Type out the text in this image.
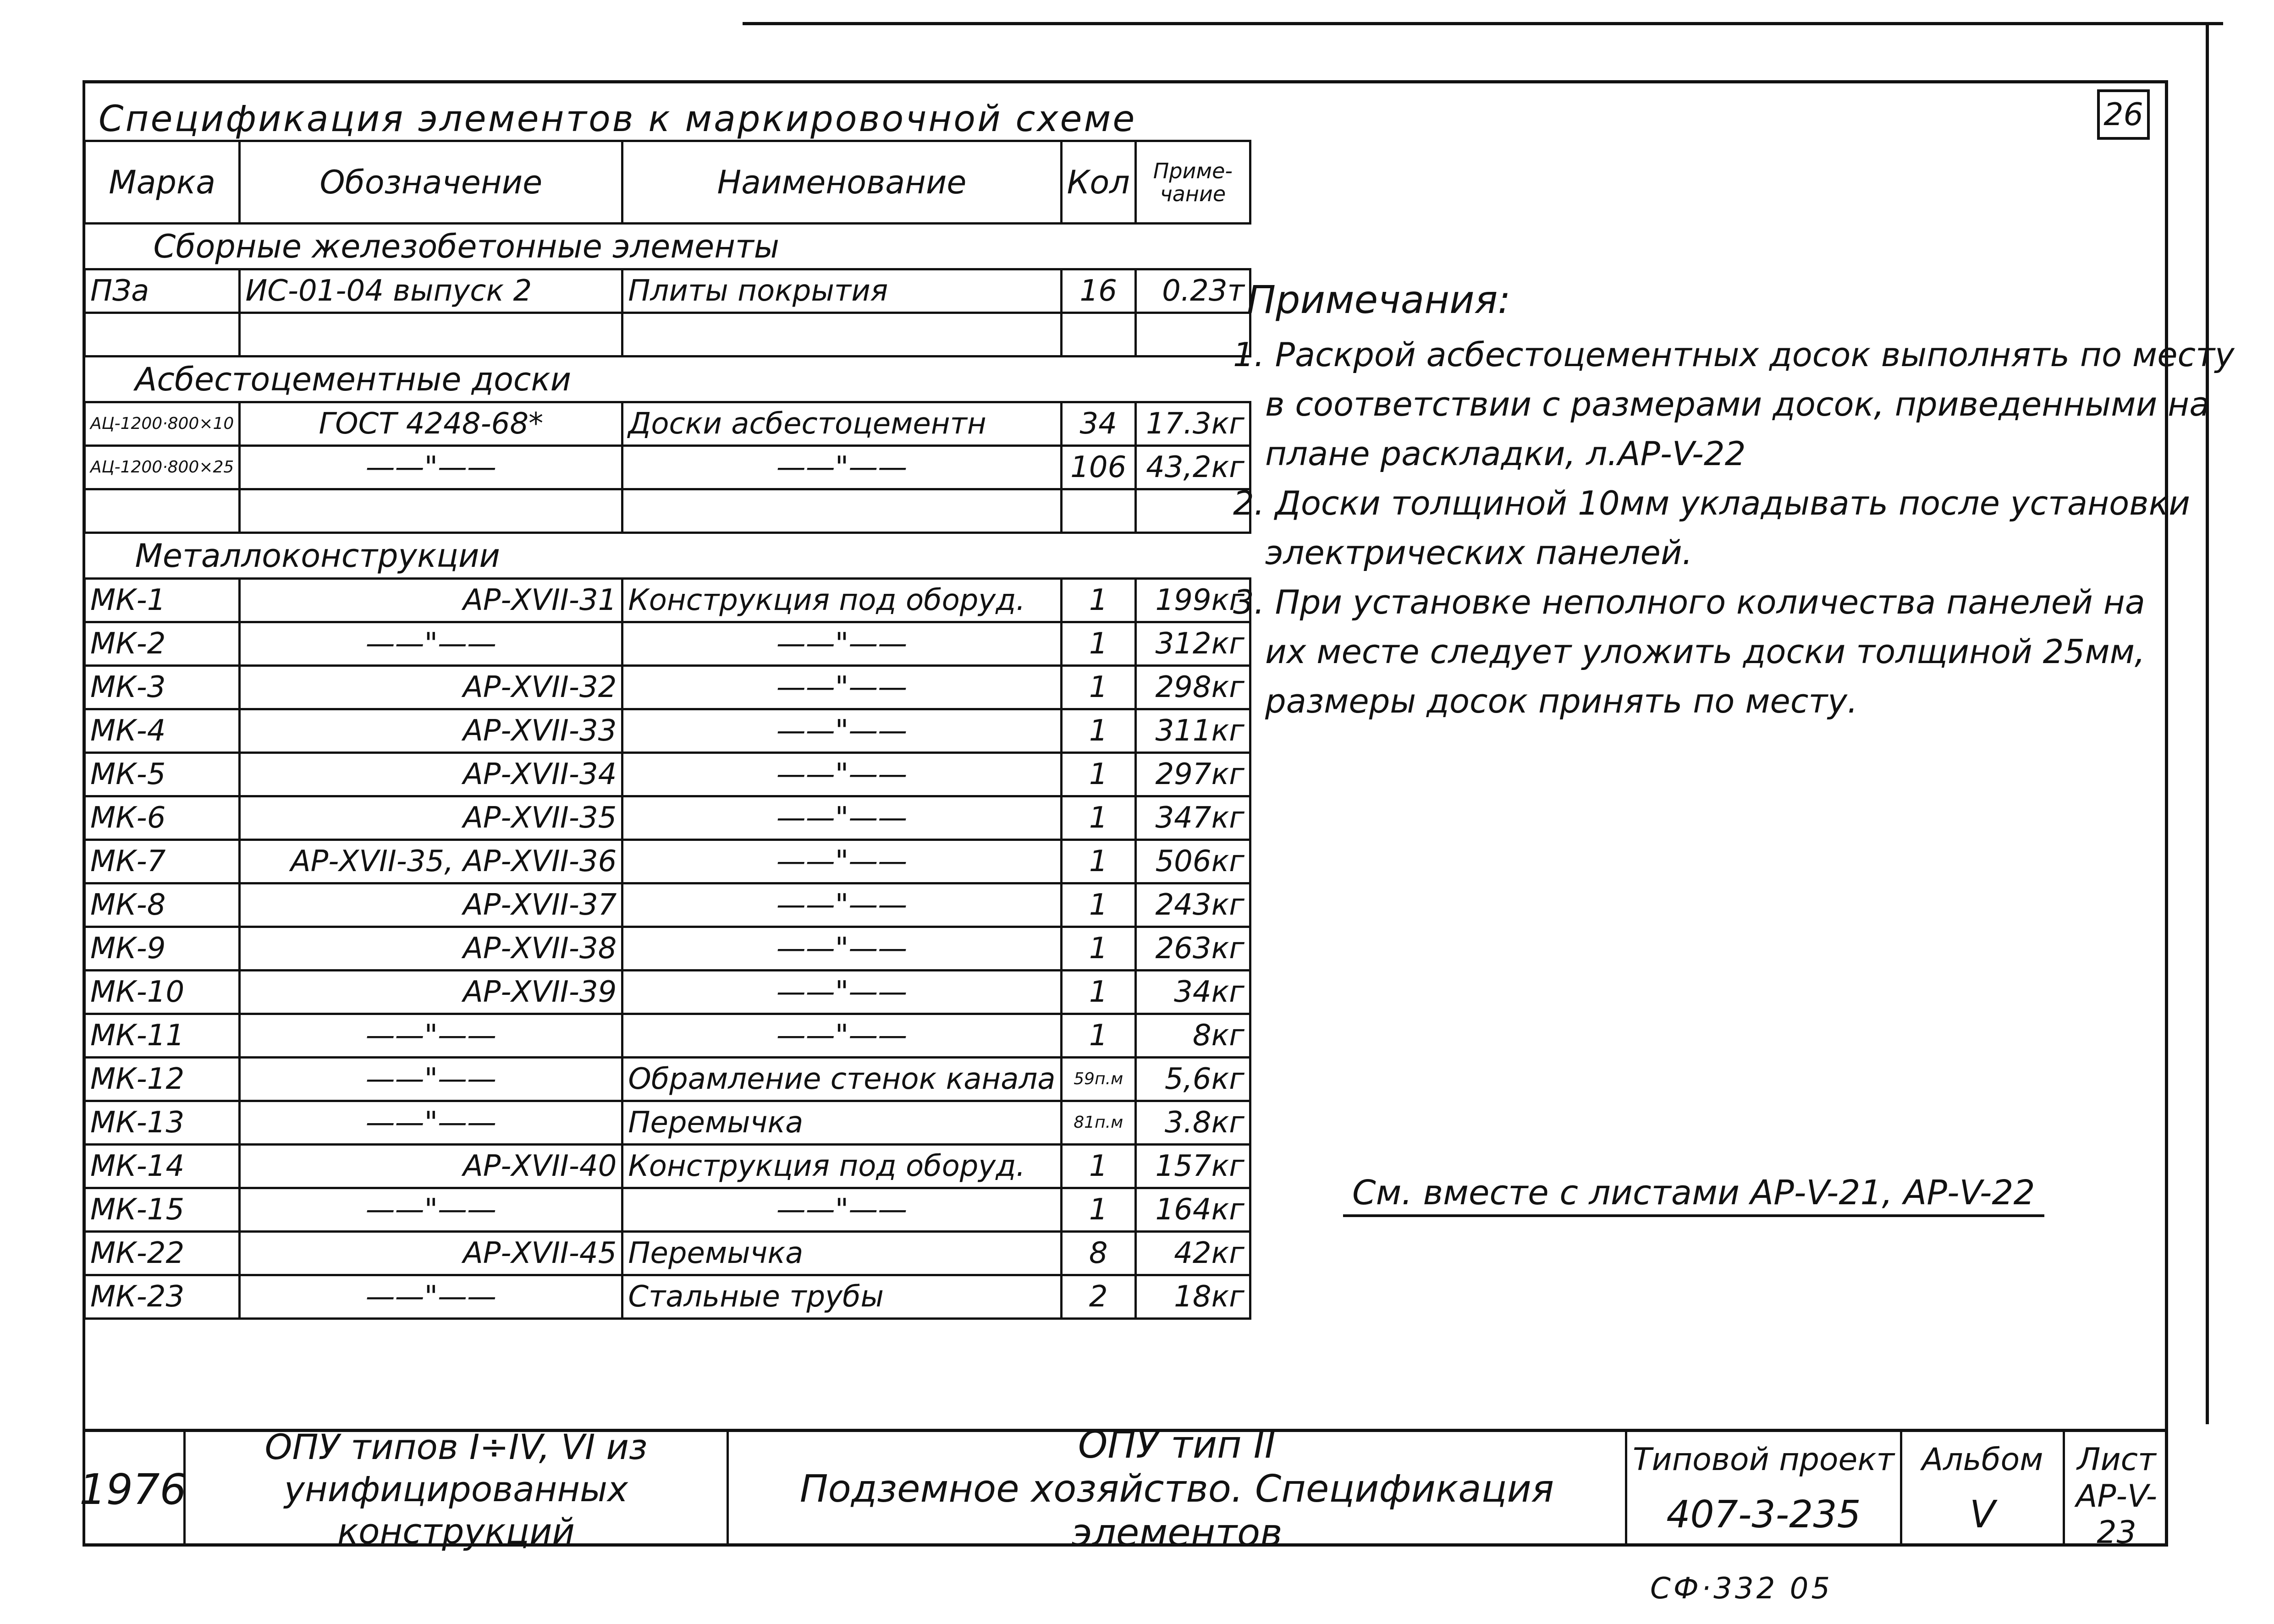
26
Спецификация элементов к маркировочной схеме
Марка	Обозначение	Наименование	Кол	Приме-чание
Сборные железобетонные элементы				
ПЗа	ИС-01-04 выпуск 2	Плиты покрытия	16	0.23т

Асбестоцементные доски				
АЦ-1200·800×10	ГОСТ 4248-68*	Доски асбестоцементн	34	17.3кг
АЦ-1200·800×25	——"——	——"——	106	43,2кг

Металлоконструкции				
МК-1	АР-XVII-31	Конструкция под оборуд.	1	199кг
МК-2	——"——	——"——	1	312кг
МК-3	АР-XVII-32	——"——	1	298кг
МК-4	АР-XVII-33	——"——	1	311кг
МК-5	АР-XVII-34	——"——	1	297кг
МК-6	АР-XVII-35	——"——	1	347кг
МК-7	АР-XVII-35, АР-XVII-36	——"——	1	506кг
МК-8	АР-XVII-37	——"——	1	243кг
МК-9	АР-XVII-38	——"——	1	263кг
МК-10	АР-XVII-39	——"——	1	34кг
МК-11	——"——	——"——	1	8кг
МК-12	——"——	Обрамление стенок канала	59п.м	5,6кг
МК-13	——"——	Перемычка	81п.м	3.8кг
МК-14	АР-XVII-40	Конструкция под оборуд.	1	157кг
МК-15	——"——	——"——	1	164кг
МК-22	АР-XVII-45	Перемычка	8	42кг
МК-23	——"——	Стальные трубы	2	18кг
Примечания:
1. Раскрой асбестоцементных досок выполнять по месту
в соответствии с размерами досок, приведенными на
плане раскладки, л.АР-V-22
2. Доски толщиной 10мм укладывать после установки
электрических панелей.
3. При установке неполного количества панелей на
их месте следует уложить доски толщиной 25мм,
размеры досок принять по месту.
См. вместе с листами АР-V-21, АР-V-22
1976
ОПУ типов I÷IV, VI из
унифицированных конструкций
ОПУ тип II
Подземное хозяйство. Спецификация элементов
Типовой проект
407-3-235
Альбом
V
Лист
АР-V-23
СФ·332 05
